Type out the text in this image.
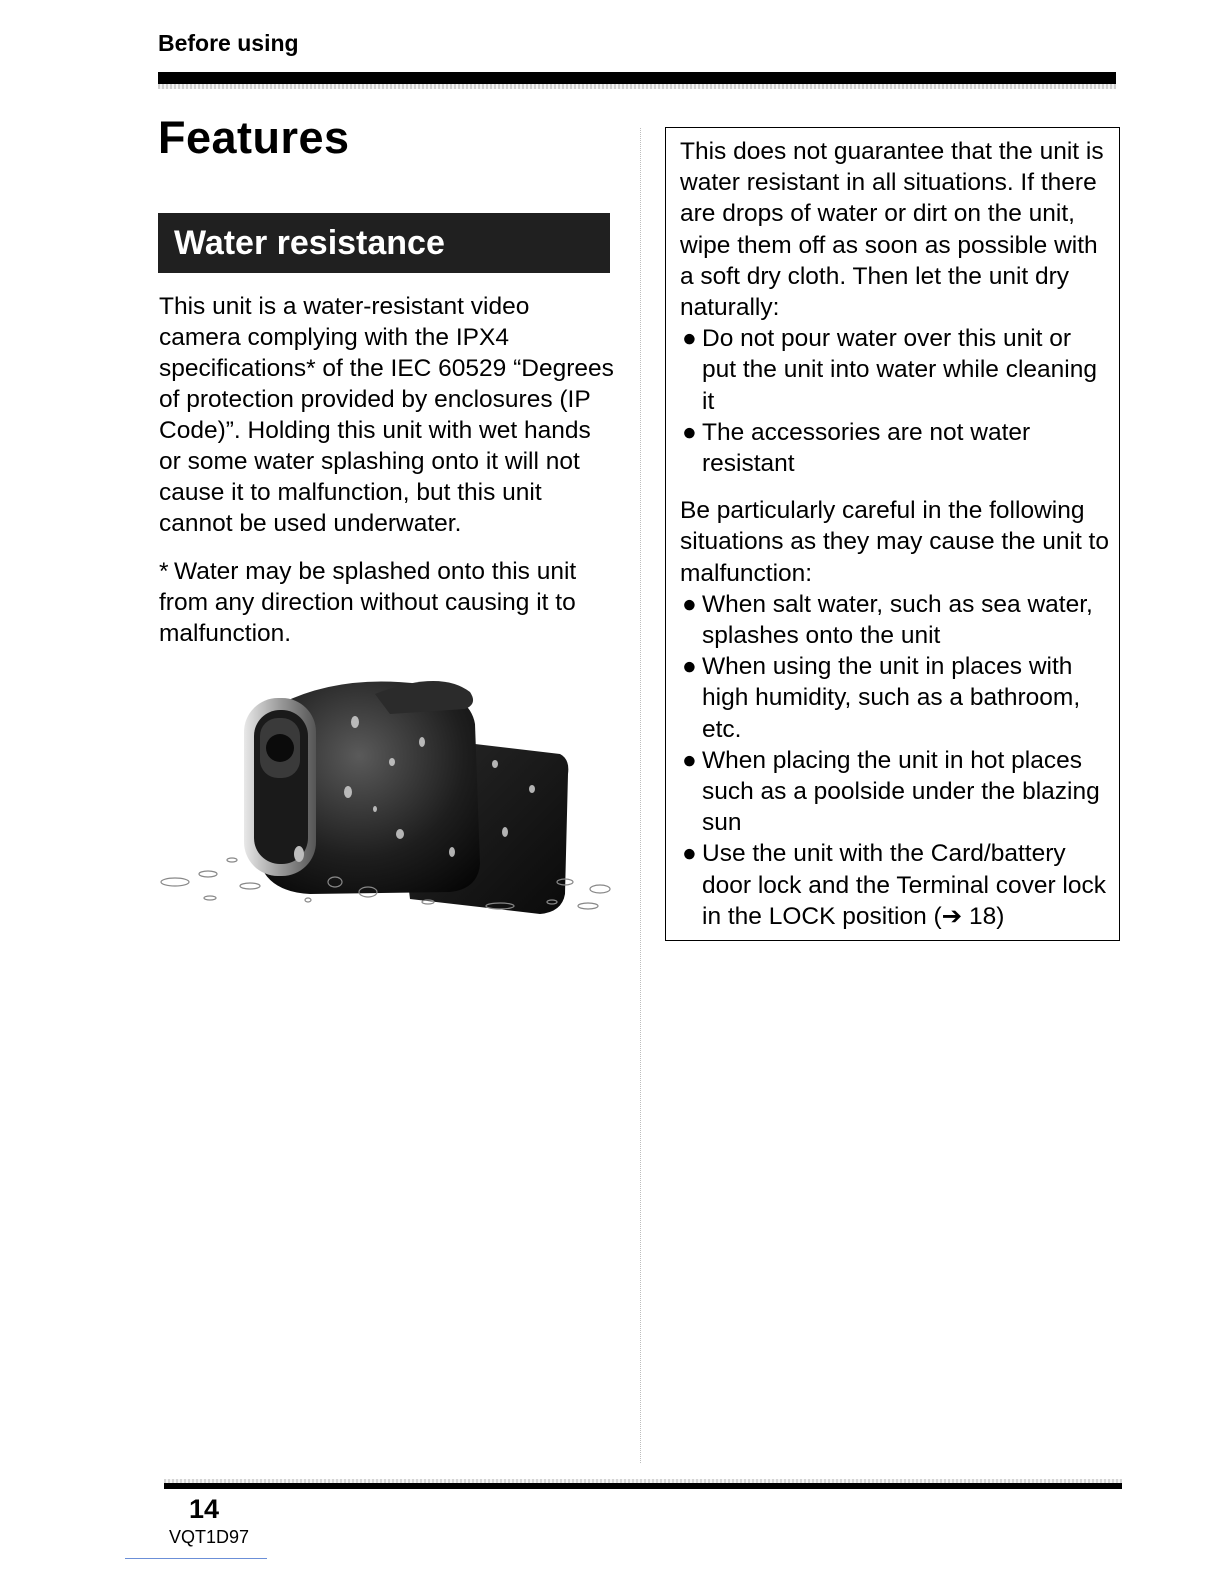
Before using
Features
Water resistance

This unit is a water-resistant video camera complying with the IPX4 specifications* of the IEC 60529 “Degrees of protection provided by enclosures (IP Code)”. Holding this unit with wet hands or some water splashing onto it will not cause it to malfunction, but this unit cannot be used underwater.

* Water may be splashed onto this unit from any direction without causing it to malfunction.

This does not guarantee that the unit is water resistant in all situations. If there are drops of water or dirt on the unit, wipe them off as soon as possible with a soft dry cloth. Then let the unit dry naturally:

● Do not pour water over this unit or put the unit into water while cleaning it
● The accessories are not water resistant

Be particularly careful in the following situations as they may cause the unit to malfunction:

● When salt water, such as sea water, splashes onto the unit
● When using the unit in places with high humidity, such as a bathroom, etc.
● When placing the unit in hot places such as a poolside under the blazing sun
● Use the unit with the Card/battery door lock and the Terminal cover lock in the LOCK position (➔ 18)
14
VQT1D97
